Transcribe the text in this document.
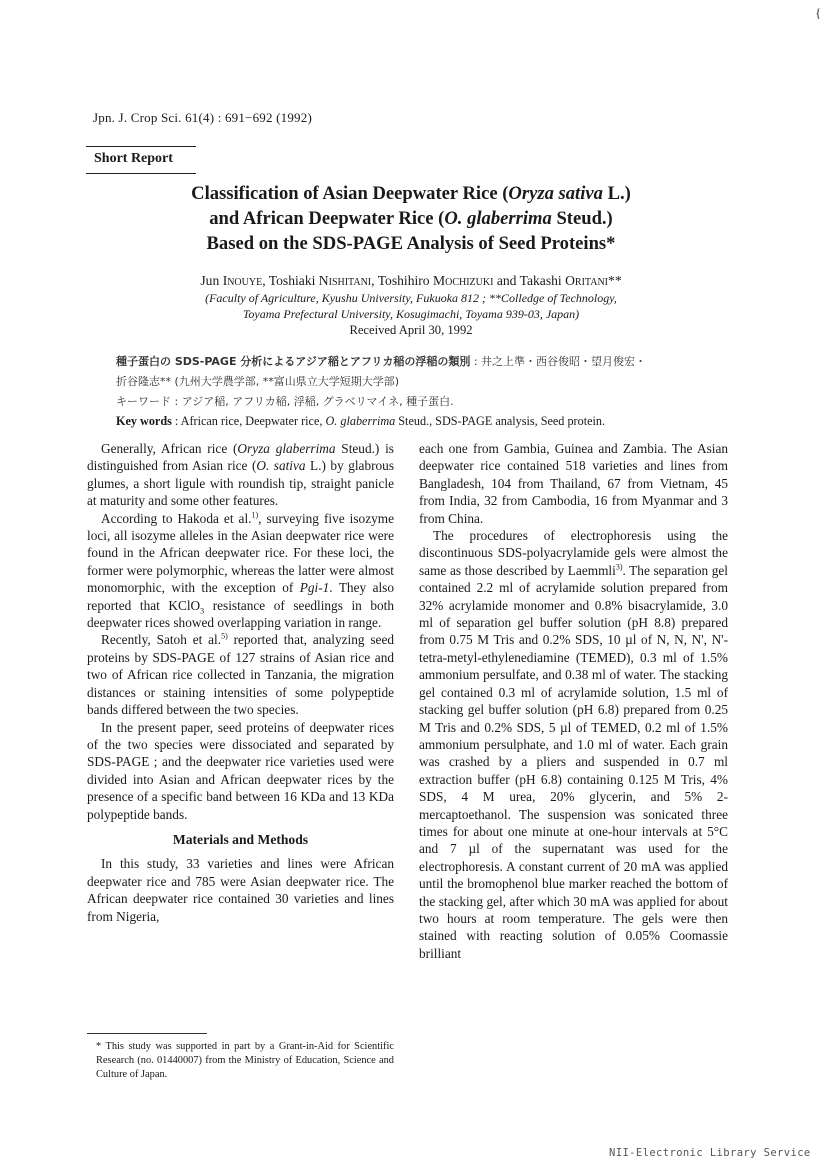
{
Jpn. J. Crop Sci. 61(4) : 691−692 (1992)
Short Report
Classification of Asian Deepwater Rice (Oryza sativa L.)
and African Deepwater Rice (O. glaberrima Steud.)
Based on the SDS-PAGE Analysis of Seed Proteins*
Jun Inouye, Toshiaki Nishitani, Toshihiro Mochizuki and Takashi Oritani**
(Faculty of Agriculture, Kyushu University, Fukuoka 812 ; **Colledge of Technology,
Toyama Prefectural University, Kosugimachi, Toyama 939-03, Japan)
Received April 30, 1992
種子蛋白の SDS-PAGE 分析によるアジア稲とアフリカ稲の浮稲の類別 : 井之上準・西谷俊昭・望月俊宏・
折谷隆志** (九州大学農学部, **富山県立大学短期大学部)
キーワード : アジア稲, アフリカ稲, 浮稲, グラベリマイネ, 種子蛋白.
Key words : African rice, Deepwater rice, O. glaberrima Steud., SDS-PAGE analysis, Seed protein.

Generally, African rice (Oryza glaberrima Steud.) is distinguished from Asian rice (O. sativa L.) by glabrous glumes, a short ligule with roundish tip, straight panicle at maturity and some other features.

According to Hakoda et al.$^{1)}$, surveying five isozyme loci, all isozyme alleles in the Asian deepwater rice were found in the African deepwater rice. For these loci, the former were polymorphic, whereas the latter were almost monomorphic, with the exception of Pgi-1. They also reported that KClO$_3$ resistance of seedlings in both deepwater rices showed overlapping variation in range.

Recently, Satoh et al.$^{5)}$ reported that, analyzing seed proteins by SDS-PAGE of 127 strains of Asian rice and two of African rice collected in Tanzania, the migration distances or staining intensities of some polypeptide bands differed between the two species.

In the present paper, seed proteins of deepwater rices of the two species were dissociated and separated by SDS-PAGE ; and the deepwater rice varieties used were divided into Asian and African deepwater rices by the presence of a specific band between 16 KDa and 13 KDa polypeptide bands.

Materials and Methods

In this study, 33 varieties and lines were African deepwater rice and 785 were Asian deepwater rice. The African deepwater rice contained 30 varieties and lines from Nigeria,

* This study was supported in part by a Grant-in-Aid for Scientific Research (no. 01440007) from the Ministry of Education, Science and Culture of Japan.

each one from Gambia, Guinea and Zambia. The Asian deepwater rice contained 518 varieties and lines from Bangladesh, 104 from Thailand, 67 from Vietnam, 45 from India, 32 from Cambodia, 16 from Myanmar and 3 from China.

The procedures of electrophoresis using the discontinuous SDS-polyacrylamide gels were almost the same as those described by Laemmli$^{3)}$. The separation gel contained 2.2 ml of acrylamide solution prepared from 32% acrylamide monomer and 0.8% bisacrylamide, 3.0 ml of separation gel buffer solution (pH 8.8) prepared from 0.75 M Tris and 0.2% SDS, 10 µl of N, N, N', N'-tetra-metyl-ethylenediamine (TEMED), 0.3 ml of 1.5% ammonium persulfate, and 0.38 ml of water. The stacking gel contained 0.3 ml of acrylamide solution, 1.5 ml of stacking gel buffer solution (pH 6.8) prepared from 0.25 M Tris and 0.2% SDS, 5 µl of TEMED, 0.2 ml of 1.5% ammonium persulphate, and 1.0 ml of water. Each grain was crashed by a pliers and suspended in 0.7 ml extraction buffer (pH 6.8) containing 0.125 M Tris, 4% SDS, 4 M urea, 20% glycerin, and 5% 2-mercaptoethanol. The suspension was sonicated three times for about one minute at one-hour intervals at 5°C and 7 µl of the supernatant was used for the electrophoresis. A constant current of 20 mA was applied until the bromophenol blue marker reached the bottom of the stacking gel, after which 30 mA was applied for about two hours at room temperature. The gels were then stained with reacting solution of 0.05% Coomassie brilliant

NII-Electronic Library Service
